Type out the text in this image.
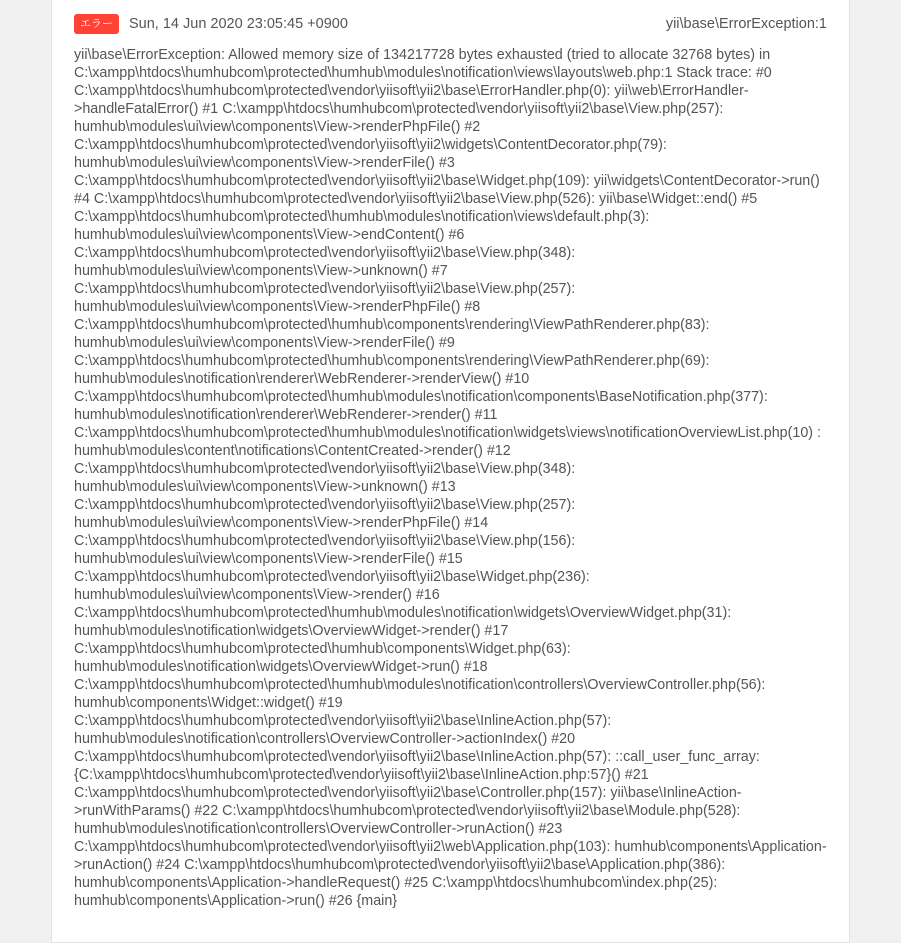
エラー	Sun, 14 Jun 2020 23:05:45 +0900	yii\base\ErrorException:1
yii\base\ErrorException: Allowed memory size of 134217728 bytes exhausted (tried to allocate 32768 bytes) in C:\xampp\htdocs\humhubcom\protected\humhub\modules\notification\views\layouts\web.php:1 Stack trace: #0 C:\xampp\htdocs\humhubcom\protected\vendor\yiisoft\yii2\base\ErrorHandler.php(0): yii\web\ErrorHandler->handleFatalError() #1 C:\xampp\htdocs\humhubcom\protected\vendor\yiisoft\yii2\base\View.php(257): humhub\modules\ui\view\components\View->renderPhpFile() #2 C:\xampp\htdocs\humhubcom\protected\vendor\yiisoft\yii2\widgets\ContentDecorator.php(79): humhub\modules\ui\view\components\View->renderFile() #3 C:\xampp\htdocs\humhubcom\protected\vendor\yiisoft\yii2\base\Widget.php(109): yii\widgets\ContentDecorator->run() #4 C:\xampp\htdocs\humhubcom\protected\vendor\yiisoft\yii2\base\View.php(526): yii\base\Widget::end() #5 C:\xampp\htdocs\humhubcom\protected\humhub\modules\notification\views\default.php(3): humhub\modules\ui\view\components\View->endContent() #6 C:\xampp\htdocs\humhubcom\protected\vendor\yiisoft\yii2\base\View.php(348): humhub\modules\ui\view\components\View->unknown() #7 C:\xampp\htdocs\humhubcom\protected\vendor\yiisoft\yii2\base\View.php(257): humhub\modules\ui\view\components\View->renderPhpFile() #8 C:\xampp\htdocs\humhubcom\protected\humhub\components\rendering\ViewPathRenderer.php(83): humhub\modules\ui\view\components\View->renderFile() #9 C:\xampp\htdocs\humhubcom\protected\humhub\components\rendering\ViewPathRenderer.php(69): humhub\modules\notification\renderer\WebRenderer->renderView() #10 C:\xampp\htdocs\humhubcom\protected\humhub\modules\notification\components\BaseNotification.php(377): humhub\modules\notification\renderer\WebRenderer->render() #11 C:\xampp\htdocs\humhubcom\protected\humhub\modules\notification\widgets\views\notificationOverviewList.php(10) : humhub\modules\content\notifications\ContentCreated->render() #12 C:\xampp\htdocs\humhubcom\protected\vendor\yiisoft\yii2\base\View.php(348): humhub\modules\ui\view\components\View->unknown() #13 C:\xampp\htdocs\humhubcom\protected\vendor\yiisoft\yii2\base\View.php(257): humhub\modules\ui\view\components\View->renderPhpFile() #14 C:\xampp\htdocs\humhubcom\protected\vendor\yiisoft\yii2\base\View.php(156): humhub\modules\ui\view\components\View->renderFile() #15 C:\xampp\htdocs\humhubcom\protected\vendor\yiisoft\yii2\base\Widget.php(236): humhub\modules\ui\view\components\View->render() #16 C:\xampp\htdocs\humhubcom\protected\humhub\modules\notification\widgets\OverviewWidget.php(31): humhub\modules\notification\widgets\OverviewWidget->render() #17 C:\xampp\htdocs\humhubcom\protected\humhub\components\Widget.php(63): humhub\modules\notification\widgets\OverviewWidget->run() #18 C:\xampp\htdocs\humhubcom\protected\humhub\modules\notification\controllers\OverviewController.php(56): humhub\components\Widget::widget() #19 C:\xampp\htdocs\humhubcom\protected\vendor\yiisoft\yii2\base\InlineAction.php(57): humhub\modules\notification\controllers\OverviewController->actionIndex() #20 C:\xampp\htdocs\humhubcom\protected\vendor\yiisoft\yii2\base\InlineAction.php(57): ::call_user_func_array: {C:\xampp\htdocs\humhubcom\protected\vendor\yiisoft\yii2\base\InlineAction.php:57}() #21 C:\xampp\htdocs\humhubcom\protected\vendor\yiisoft\yii2\base\Controller.php(157): yii\base\InlineAction->runWithParams() #22 C:\xampp\htdocs\humhubcom\protected\vendor\yiisoft\yii2\base\Module.php(528): humhub\modules\notification\controllers\OverviewController->runAction() #23 C:\xampp\htdocs\humhubcom\protected\vendor\yiisoft\yii2\web\Application.php(103): humhub\components\Application->runAction() #24 C:\xampp\htdocs\humhubcom\protected\vendor\yiisoft\yii2\base\Application.php(386): humhub\components\Application->handleRequest() #25 C:\xampp\htdocs\humhubcom\index.php(25): humhub\components\Application->run() #26 {main}
